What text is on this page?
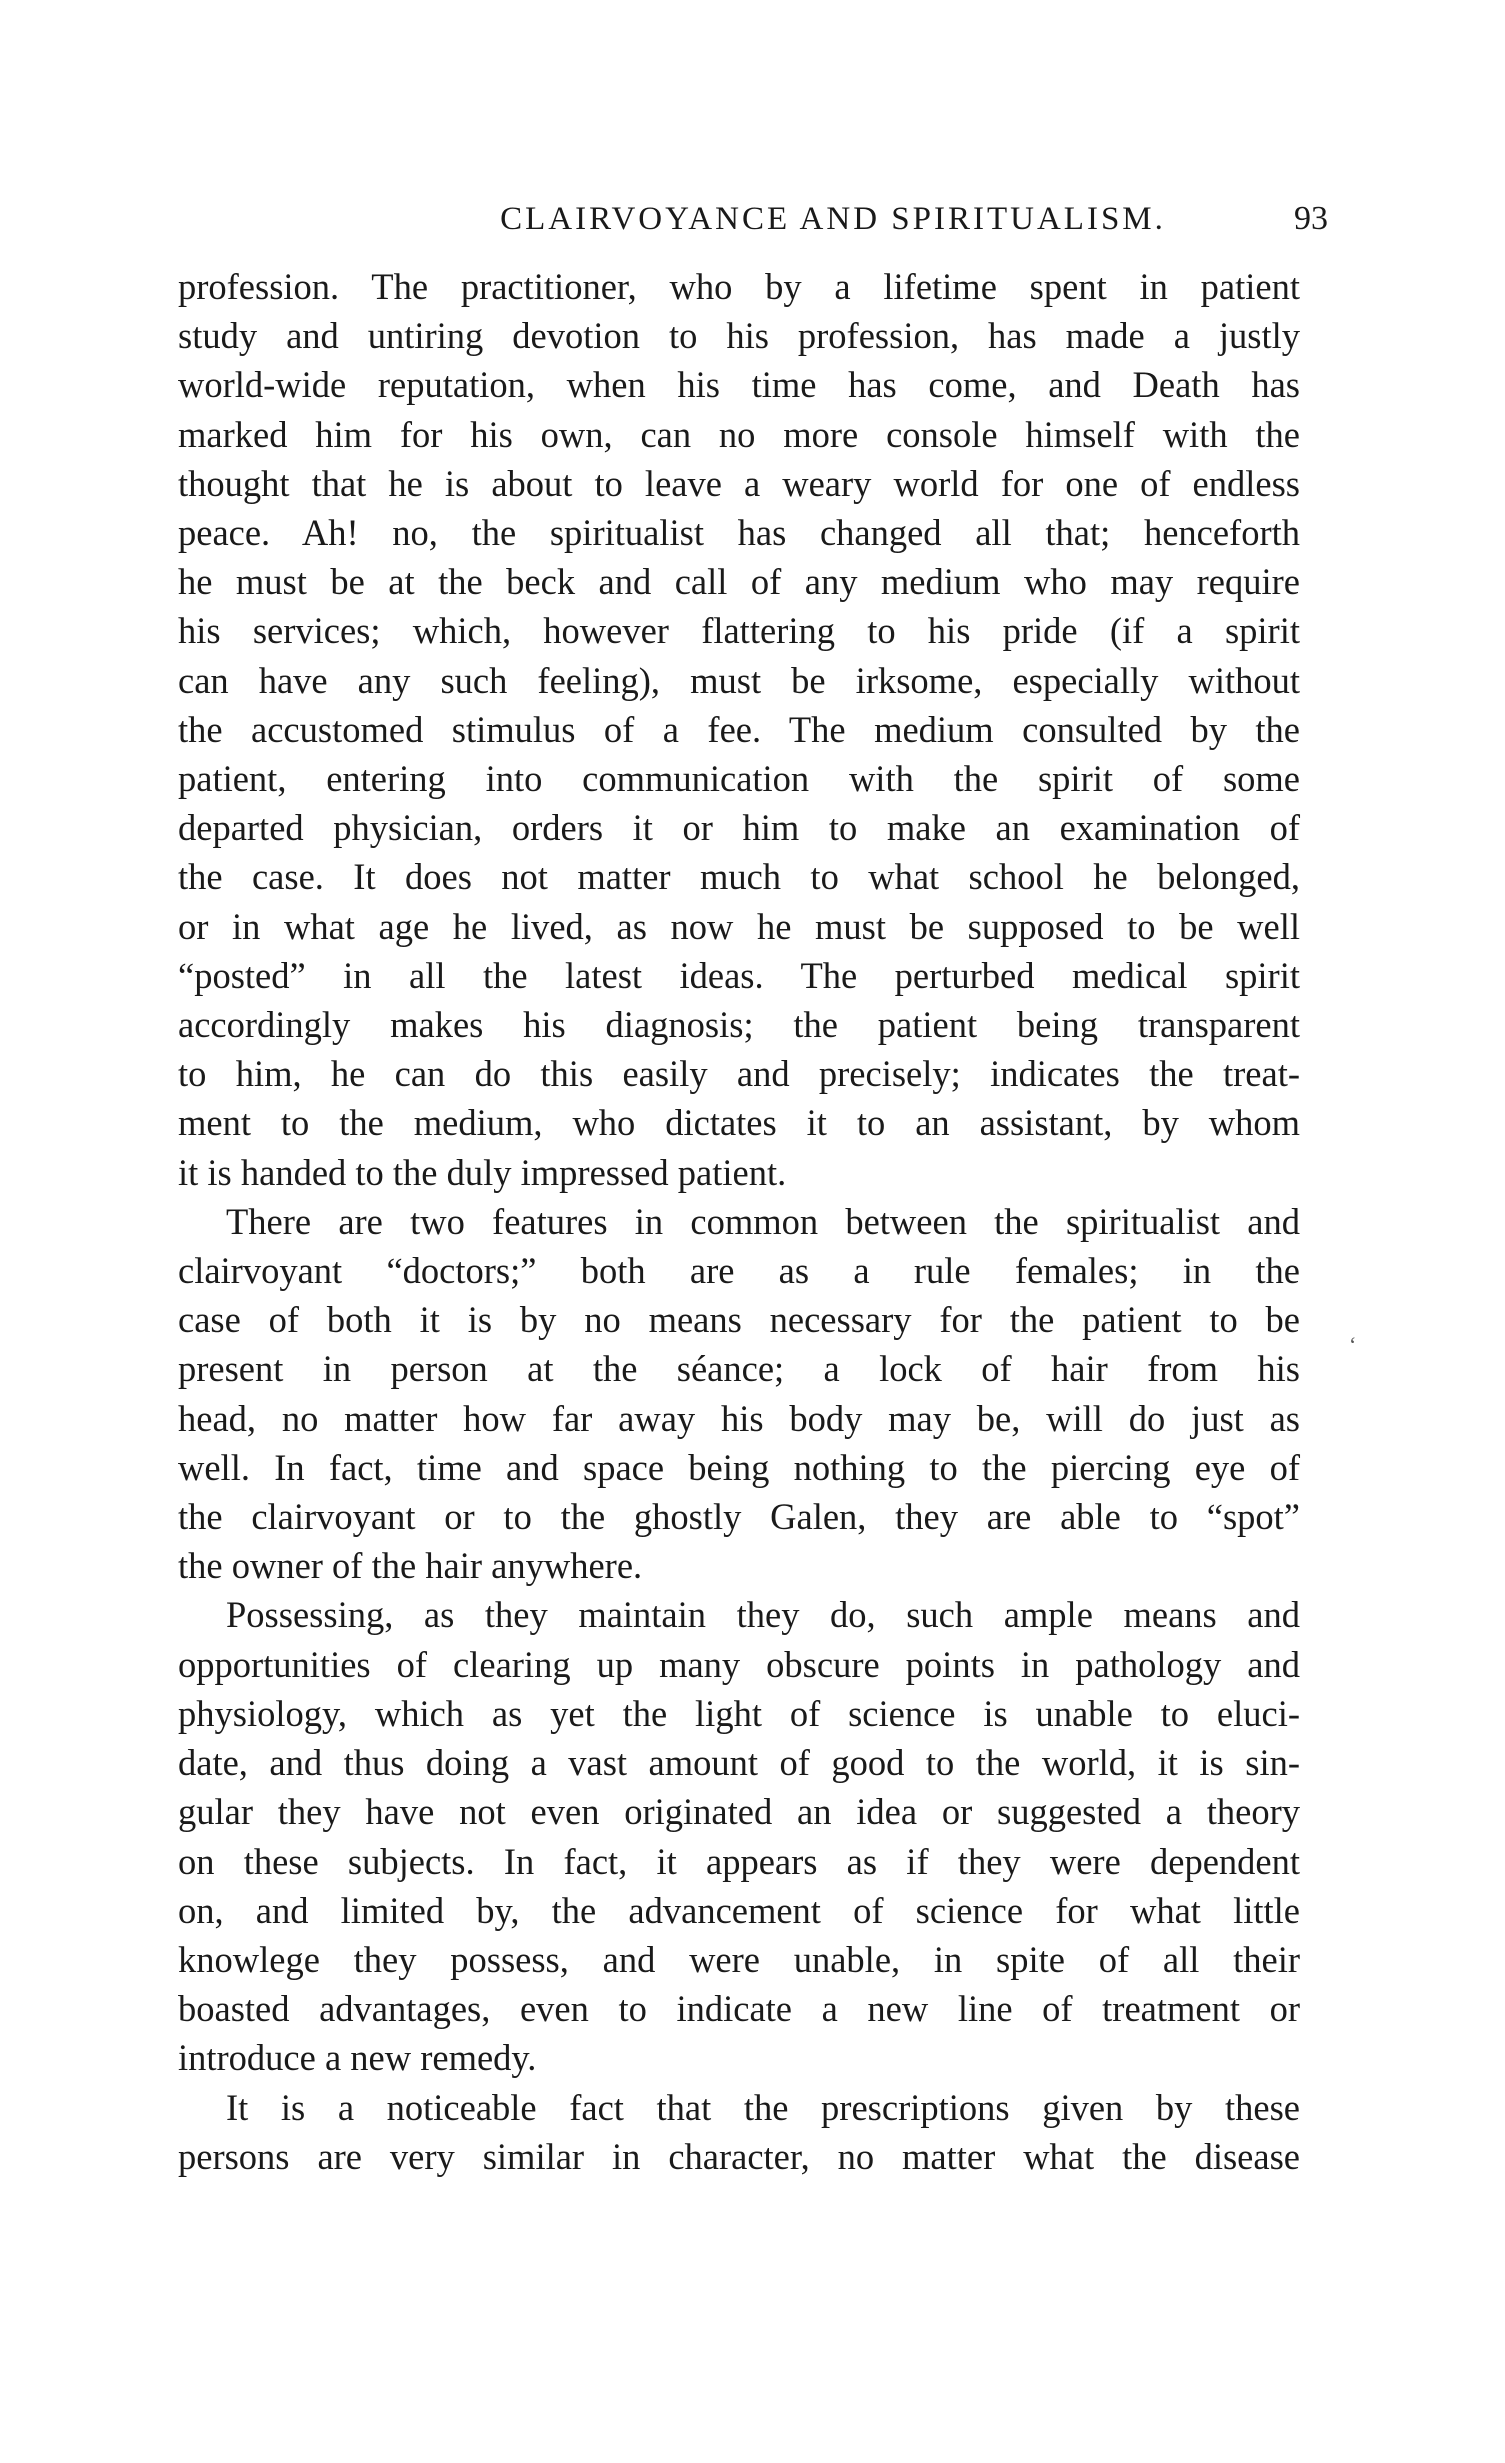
CLAIRVOYANCE AND SPIRITUALISM.	93
profession. The practitioner, who by a lifetime spent in patient
study and untiring devotion to his profession, has made a justly
world-wide reputation, when his time has come, and Death has
marked him for his own, can no more console himself with the
thought that he is about to leave a weary world for one of endless
peace. Ah! no, the spiritualist has changed all that; henceforth
he must be at the beck and call of any medium who may require
his services; which, however flattering to his pride (if a spirit
can have any such feeling), must be irksome, especially without
the accustomed stimulus of a fee. The medium consulted by the
patient, entering into communication with the spirit of some
departed physician, orders it or him to make an examination of
the case. It does not matter much to what school he belonged,
or in what age he lived, as now he must be supposed to be well
“posted” in all the latest ideas. The perturbed medical spirit
accordingly makes his diagnosis; the patient being transparent
to him, he can do this easily and precisely; indicates the treat-
ment to the medium, who dictates it to an assistant, by whom
it is handed to the duly impressed patient.
There are two features in common between the spiritualist and
clairvoyant “doctors;” both are as a rule females; in the
case of both it is by no means necessary for the patient to be
present in person at the séance; a lock of hair from his
head, no matter how far away his body may be, will do just as
well. In fact, time and space being nothing to the piercing eye of
the clairvoyant or to the ghostly Galen, they are able to “spot”
the owner of the hair anywhere.
Possessing, as they maintain they do, such ample means and
opportunities of clearing up many obscure points in pathology and
physiology, which as yet the light of science is unable to eluci-
date, and thus doing a vast amount of good to the world, it is sin-
gular they have not even originated an idea or suggested a theory
on these subjects. In fact, it appears as if they were dependent
on, and limited by, the advancement of science for what little
knowlege they possess, and were unable, in spite of all their
boasted advantages, even to indicate a new line of treatment or
introduce a new remedy.
It is a noticeable fact that the prescriptions given by these
persons are very similar in character, no matter what the disease
‘
